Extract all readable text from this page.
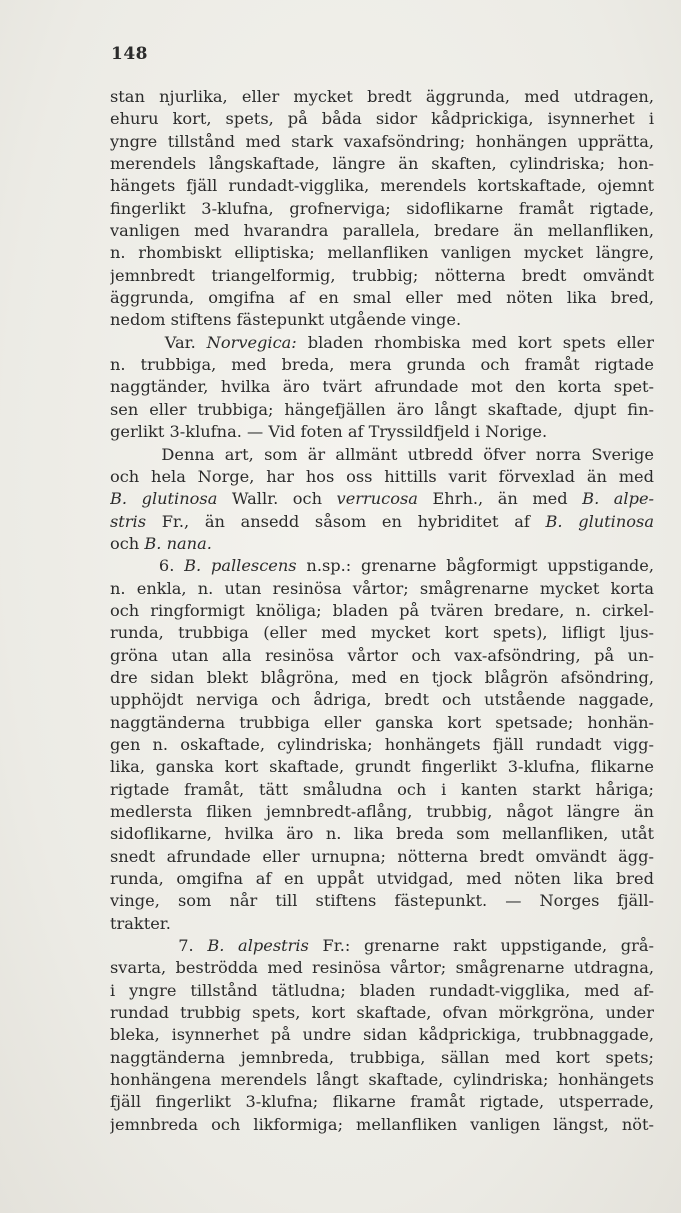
148
stan njurlika, eller mycket bredt äggrunda, med utdragen,
ehuru kort, spets, på båda sidor kådprickiga, isynnerhet i
yngre tillstånd med stark vaxafsöndring; honhängen upprätta,
merendels långskaftade, längre än skaften, cylindriska; hon-
hängets fjäll rundadt-vigglika, merendels kortskaftade, ojemnt
fingerlikt 3-klufna, grofnerviga; sidoflikarne framåt rigtade,
vanligen med hvarandra parallela, bredare än mellanfliken,
n. rhombiskt elliptiska; mellanfliken vanligen mycket längre,
jemnbredt triangelformig, trubbig; nötterna bredt omvändt
äggrunda, omgifna af en smal eller med nöten lika bred,
nedom stiftens fästepunkt utgående vinge.
Var. Norvegica: bladen rhombiska med kort spets eller
n. trubbiga, med breda, mera grunda och framåt rigtade
naggtänder, hvilka äro tvärt afrundade mot den korta spet-
sen eller trubbiga; hängefjällen äro långt skaftade, djupt fin-
gerlikt 3-klufna. — Vid foten af Tryssildfjeld i Norige.
Denna art, som är allmänt utbredd öfver norra Sverige
och hela Norge, har hos oss hittills varit förvexlad än med
B. glutinosa Wallr. och verrucosa Ehrh., än med B. alpe-
stris Fr., än ansedd såsom en hybriditet af B. glutinosa
och B. nana.
6. B. pallescens n.sp.: grenarne bågformigt uppstigande,
n. enkla, n. utan resinösa vårtor; smågrenarne mycket korta
och ringformigt knöliga; bladen på tvären bredare, n. cirkel-
runda, trubbiga (eller med mycket kort spets), lifligt ljus-
gröna utan alla resinösa vårtor och vax-afsöndring, på un-
dre sidan blekt blågröna, med en tjock blågrön afsöndring,
upphöjdt nerviga och ådriga, bredt och utstående naggade,
naggtänderna trubbiga eller ganska kort spetsade; honhän-
gen n. oskaftade, cylindriska; honhängets fjäll rundadt vigg-
lika, ganska kort skaftade, grundt fingerlikt 3-klufna, flikarne
rigtade framåt, tätt småludna och i kanten starkt håriga;
medlersta fliken jemnbredt-aflång, trubbig, något längre än
sidoflikarne, hvilka äro n. lika breda som mellanfliken, utåt
snedt afrundade eller urnupna; nötterna bredt omvändt ägg-
runda, omgifna af en uppåt utvidgad, med nöten lika bred
vinge, som når till stiftens fästepunkt. — Norges fjäll-
trakter.
7. B. alpestris Fr.: grenarne rakt uppstigande, grå-
svarta, beströdda med resinösa vårtor; smågrenarne utdragna,
i yngre tillstånd tätludna; bladen rundadt-vigglika, med af-
rundad trubbig spets, kort skaftade, ofvan mörkgröna, under
bleka, isynnerhet på undre sidan kådprickiga, trubbnaggade,
naggtänderna jemnbreda, trubbiga, sällan med kort spets;
honhängena merendels långt skaftade, cylindriska; honhängets
fjäll fingerlikt 3-klufna; flikarne framåt rigtade, utsperrade,
jemnbreda och likformiga; mellanfliken vanligen längst, nöt-
